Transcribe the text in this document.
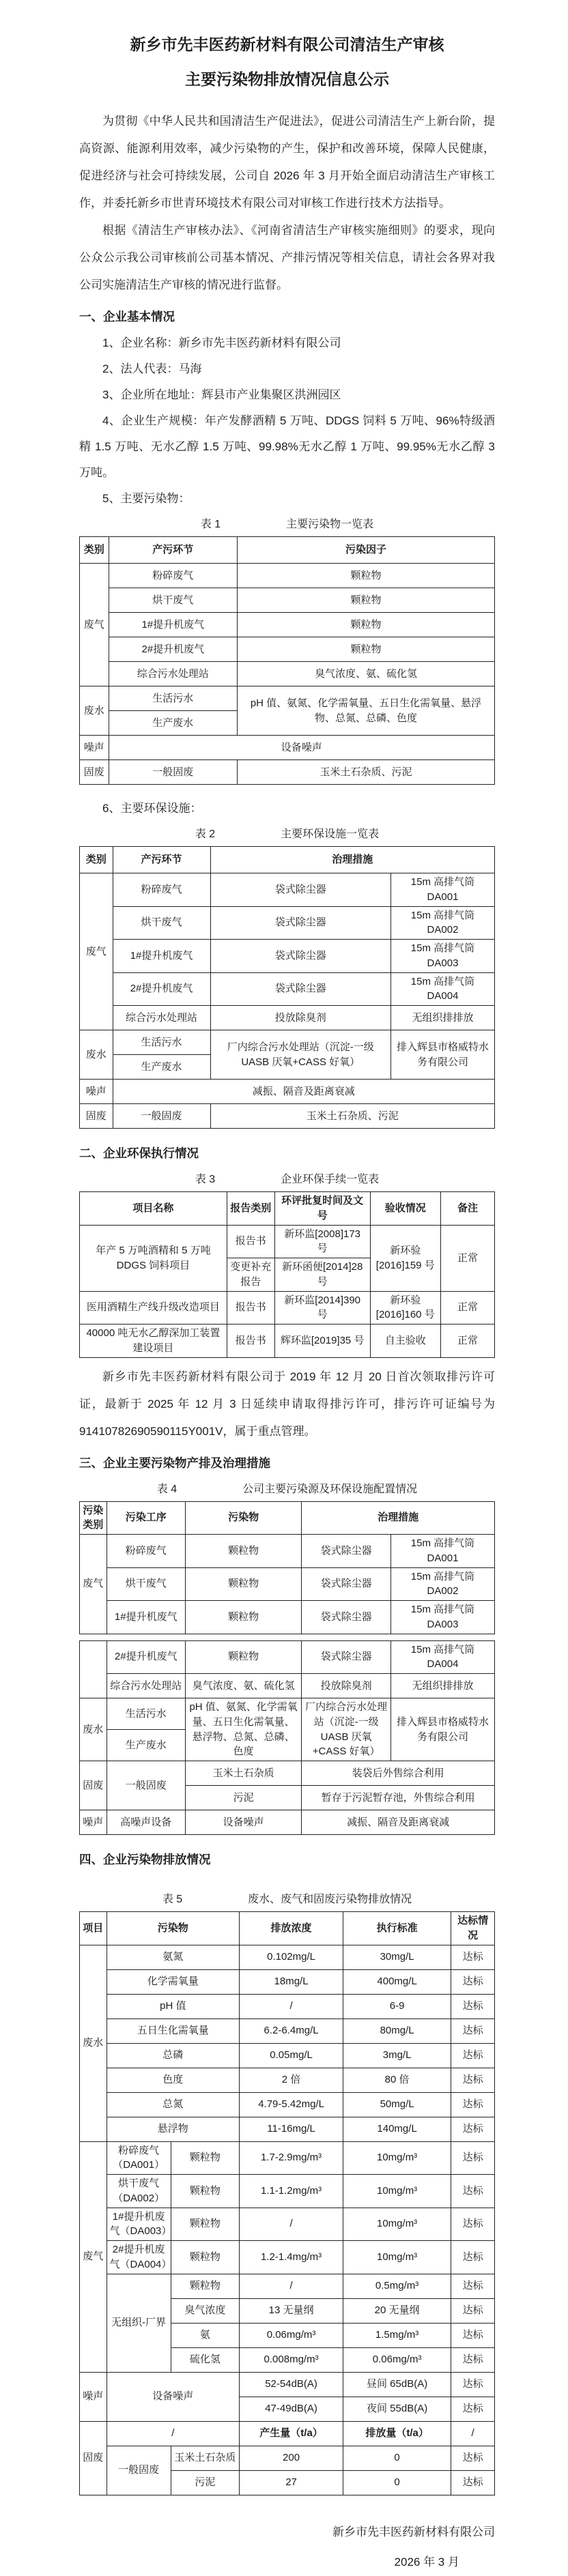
新乡市先丰医药新材料有限公司清洁生产审核
主要污染物排放情况信息公示

为贯彻《中华人民共和国清洁生产促进法》，促进公司清洁生产上新台阶，提高资源、能源利用效率，减少污染物的产生，保护和改善环境，保障人民健康，促进经济与社会可持续发展，公司自 2026 年 3 月开始全面启动清洁生产审核工作，并委托新乡市世青环境技术有限公司对审核工作进行技术方法指导。

根据《清洁生产审核办法》、《河南省清洁生产审核实施细则》的要求，现向公众公示我公司审核前公司基本情况、产排污情况等相关信息，请社会各界对我公司实施清洁生产审核的情况进行监督。

一、企业基本情况

1、企业名称：新乡市先丰医药新材料有限公司

2、法人代表：马海

3、企业所在地址：辉县市产业集聚区洪洲园区

4、企业生产规模：年产发酵酒精 5 万吨、DDGS 饲料 5 万吨、96%特级酒精 1.5 万吨、无水乙醇 1.5 万吨、99.98%无水乙醇 1 万吨、99.95%无水乙醇 3 万吨。

5、主要污染物：

表 1	主要污染物一览表
类别	产污环节	污染因子
废气	粉碎废气	颗粒物
	烘干废气	颗粒物
	1#提升机废气	颗粒物
	2#提升机废气	颗粒物
	综合污水处理站	臭气浓度、氨、硫化氢
废水	生活污水	pH 值、氨氮、化学需氧量、五日生化需氧量、悬浮物、总氮、总磷、色度
	生产废水	
噪声	设备噪声	
固废	一般固废	玉米土石杂质、污泥

6、主要环保设施：

表 2	主要环保设施一览表
类别	产污环节	治理措施	
废气	粉碎废气	袋式除尘器	15m 高排气筒 DA001
	烘干废气	袋式除尘器	15m 高排气筒 DA002
	1#提升机废气	袋式除尘器	15m 高排气筒 DA003
	2#提升机废气	袋式除尘器	15m 高排气筒 DA004
	综合污水处理站	投放除臭剂	无组织排排放
废水	生活污水	厂内综合污水处理站（沉淀-一级 UASB 厌氧+CASS 好氧）	排入辉县市格威特水务有限公司
	生产废水		
噪声	减振、隔音及距离衰减		
固废	一般固废	玉米土石杂质、污泥	
二、企业环保执行情况
表 3	企业环保手续一览表
项目名称	报告类别	环评批复时间及文号	验收情况	备注
年产 5 万吨酒精和 5 万吨 DDGS 饲料项目	报告书	新环监[2008]173 号	新环验[2016]159 号	正常
	变更补充报告	新环函便[2014]28 号		
医用酒精生产线升级改造项目	报告书	新环监[2014]390 号	新环验[2016]160 号	正常
40000 吨无水乙醇深加工装置建设项目	报告书	辉环监[2019]35 号	自主验收	正常

新乡市先丰医药新材料有限公司于 2019 年 12 月 20 日首次领取排污许可证，最新于 2025 年 12 月 3 日延续申请取得排污许可，排污许可证编号为 91410782690590115Y001V，属于重点管理。

三、企业主要污染物产排及治理措施
表 4	公司主要污染源及环保设施配置情况
污染类别	污染工序	污染物	治理措施	
废气	粉碎废气	颗粒物	袋式除尘器	15m 高排气筒 DA001
	烘干废气	颗粒物	袋式除尘器	15m 高排气筒 DA002
	1#提升机废气	颗粒物	袋式除尘器	15m 高排气筒 DA003
	2#提升机废气	颗粒物	袋式除尘器	15m 高排气筒 DA004
	综合污水处理站	臭气浓度、氨、硫化氢	投放除臭剂	无组织排排放
废水	生活污水	pH 值、氨氮、化学需氧量、五日生化需氧量、悬浮物、总氮、总磷、色度	厂内综合污水处理站（沉淀-一级 UASB 厌氧+CASS 好氧）	排入辉县市格威特水务有限公司
	生产废水			
固废	一般固废	玉米土石杂质	装袋后外售综合利用	
		污泥	暂存于污泥暂存池，外售综合利用	
噪声	高噪声设备	设备噪声	减振、隔音及距离衰减	
四、企业污染物排放情况
表 5	废水、废气和固废污染物排放情况
项目	污染物		排放浓度	执行标准	达标情况
废水	氨氮		0.102mg/L	30mg/L	达标
	化学需氧量		18mg/L	400mg/L	达标
	pH 值		/	6-9	达标
	五日生化需氧量		6.2-6.4mg/L	80mg/L	达标
	总磷		0.05mg/L	3mg/L	达标
	色度		2 倍	80 倍	达标
	总氮		4.79-5.42mg/L	50mg/L	达标
	悬浮物		11-16mg/L	140mg/L	达标
废气	粉碎废气（DA001）	颗粒物	1.7-2.9mg/m³	10mg/m³	达标
	烘干废气（DA002）	颗粒物	1.1-1.2mg/m³	10mg/m³	达标
	1#提升机废气（DA003）	颗粒物	/	10mg/m³	达标
	2#提升机废气（DA004）	颗粒物	1.2-1.4mg/m³	10mg/m³	达标
	无组织-厂界	颗粒物	/	0.5mg/m³	达标
		臭气浓度	13 无量纲	20 无量纲	达标
		氨	0.06mg/m³	1.5mg/m³	达标
		硫化氢	0.008mg/m³	0.06mg/m³	达标
噪声	设备噪声		52-54dB(A)	昼间 65dB(A)	达标
			47-49dB(A)	夜间 55dB(A)	达标
固废	/		产生量（t/a）	排放量（t/a）	/
	一般固废	玉米土石杂质	200	0	达标
		污泥	27	0	达标

新乡市先丰医药新材料有限公司

2026 年 3 月
